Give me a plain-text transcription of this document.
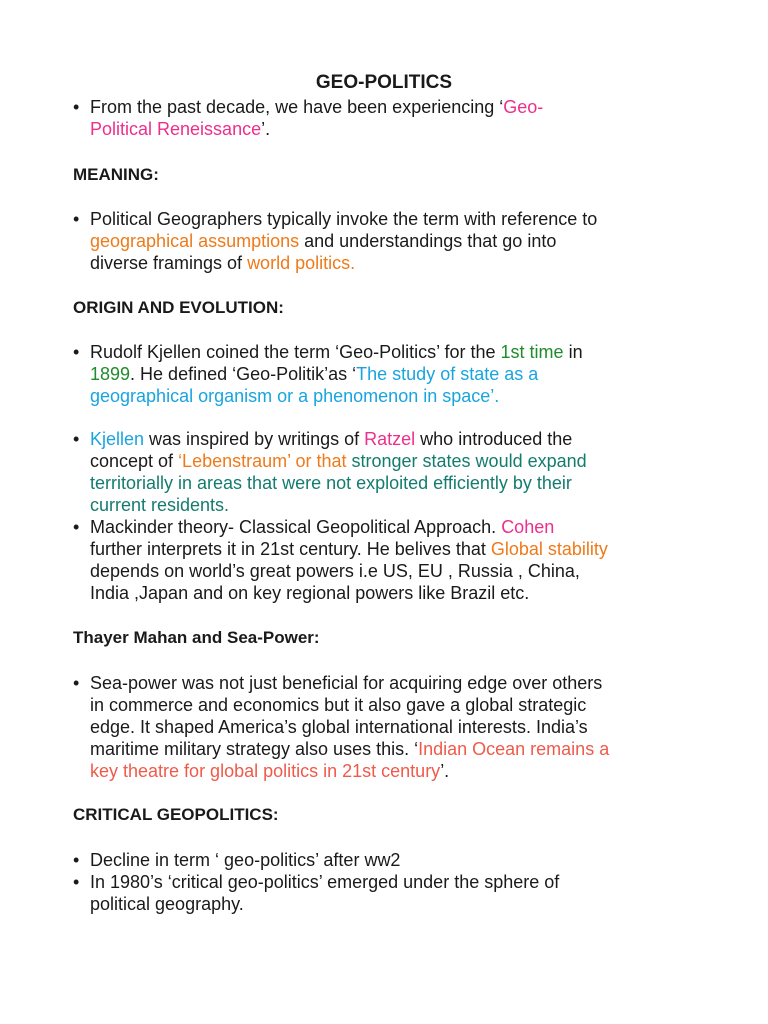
GEO-POLITICS
• From the past decade, we have been experiencing ‘Geo-
Political Reneissance’.
MEANING:
• Political Geographers typically invoke the term with reference to
geographical assumptions and understandings that go into
diverse framings of world politics.
ORIGIN AND EVOLUTION:
• Rudolf Kjellen coined the term ‘Geo-Politics’ for the 1st time in
1899. He defined ‘Geo-Politik’as ‘The study of state as a
geographical organism or a phenomenon in space’.
• Kjellen was inspired by writings of Ratzel who introduced the
concept of ‘Lebenstraum’ or that stronger states would expand
territorially in areas that were not exploited efficiently by their
current residents.
• Mackinder theory- Classical Geopolitical Approach. Cohen
further interprets it in 21st century. He belives that Global stability
depends on world’s great powers i.e US, EU , Russia , China,
India ,Japan and on key regional powers like Brazil etc.
Thayer Mahan and Sea-Power:
• Sea-power was not just beneficial for acquiring edge over others
in commerce and economics but it also gave a global strategic
edge. It shaped America’s global international interests. India’s
maritime military strategy also uses this. ‘Indian Ocean remains a
key theatre for global politics in 21st century’.
CRITICAL GEOPOLITICS:
• Decline in term ‘ geo-politics’ after ww2
• In 1980’s ‘critical geo-politics’ emerged under the sphere of
political geography.
